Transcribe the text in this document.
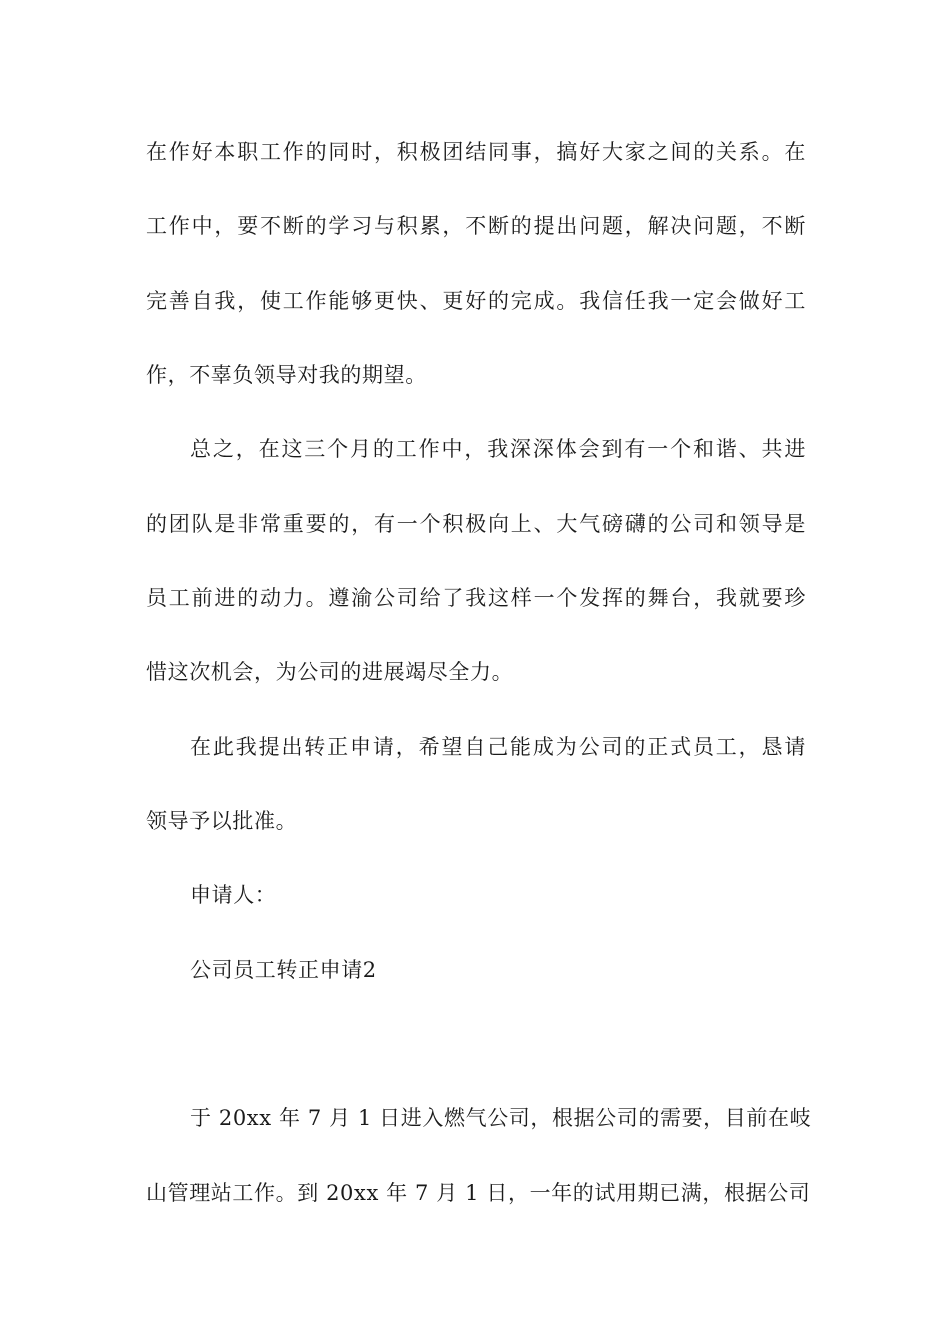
在作好本职工作的同时，积极团结同事，搞好大家之间的关系。在
工作中，要不断的学习与积累，不断的提出问题，解决问题，不断
完善自我，使工作能够更快、更好的完成。我信任我一定会做好工
作，不辜负领导对我的期望。
总之，在这三个月的工作中，我深深体会到有一个和谐、共进
的团队是非常重要的，有一个积极向上、大气磅礴的公司和领导是
员工前进的动力。遵渝公司给了我这样一个发挥的舞台，我就要珍
惜这次机会，为公司的进展竭尽全力。
在此我提出转正申请，希望自己能成为公司的正式员工，恳请
领导予以批准。
申请人：
公司员工转正申请2
于 20xx 年 7 月 1 日进入燃气公司，根据公司的需要，目前在岐
山管理站工作。到 20xx 年 7 月 1 日，一年的试用期已满，根据公司
